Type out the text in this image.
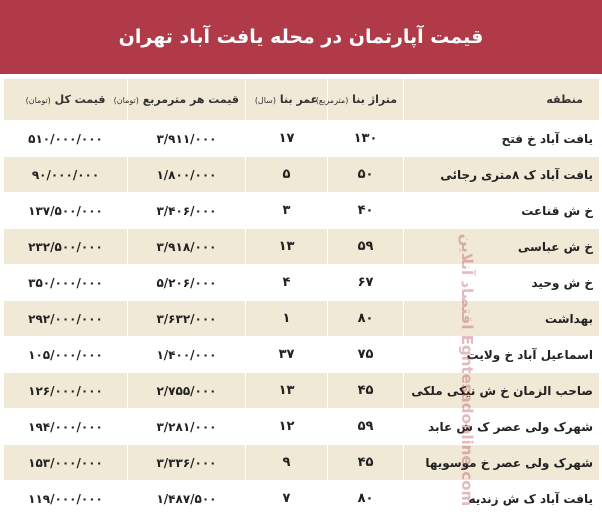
قیمت آپارتمان در محله یافت آباد تهران
منطقه	متراژ بنا (مترمربع)	عمر بنا (سال)	قیمت هر مترمربع (تومان)	قیمت کل (تومان)
یافت آباد خ فتح	۱۳۰	۱۷	۳/۹۱۱/۰۰۰	۵۱۰/۰۰۰/۰۰۰
یافت آباد ک ۸متری رجائی	۵۰	۵	۱/۸۰۰/۰۰۰	۹۰/۰۰۰/۰۰۰
خ ش قناعت	۴۰	۳	۳/۴۰۶/۰۰۰	۱۳۷/۵۰۰/۰۰۰
خ ش عباسی	۵۹	۱۳	۳/۹۱۸/۰۰۰	۲۳۲/۵۰۰/۰۰۰
خ ش وحید	۶۷	۴	۵/۲۰۶/۰۰۰	۳۵۰/۰۰۰/۰۰۰
بهداشت	۸۰	۱	۳/۶۳۲/۰۰۰	۲۹۲/۰۰۰/۰۰۰
اسماعیل آباد خ ولایت	۷۵	۳۷	۱/۴۰۰/۰۰۰	۱۰۵/۰۰۰/۰۰۰
صاحب الزمان خ ش نیکی ملکی	۴۵	۱۳	۲/۷۵۵/۰۰۰	۱۲۶/۰۰۰/۰۰۰
شهرک ولی عصر ک ش عابد	۵۹	۱۲	۳/۲۸۱/۰۰۰	۱۹۴/۰۰۰/۰۰۰
شهرک ولی عصر خ موسویها	۴۵	۹	۳/۳۳۶/۰۰۰	۱۵۳/۰۰۰/۰۰۰
یافت آباد ک ش زندیه	۸۰	۷	۱/۴۸۷/۵۰۰	۱۱۹/۰۰۰/۰۰۰
اقتصاد آنلاین Eghtesadonline.com
